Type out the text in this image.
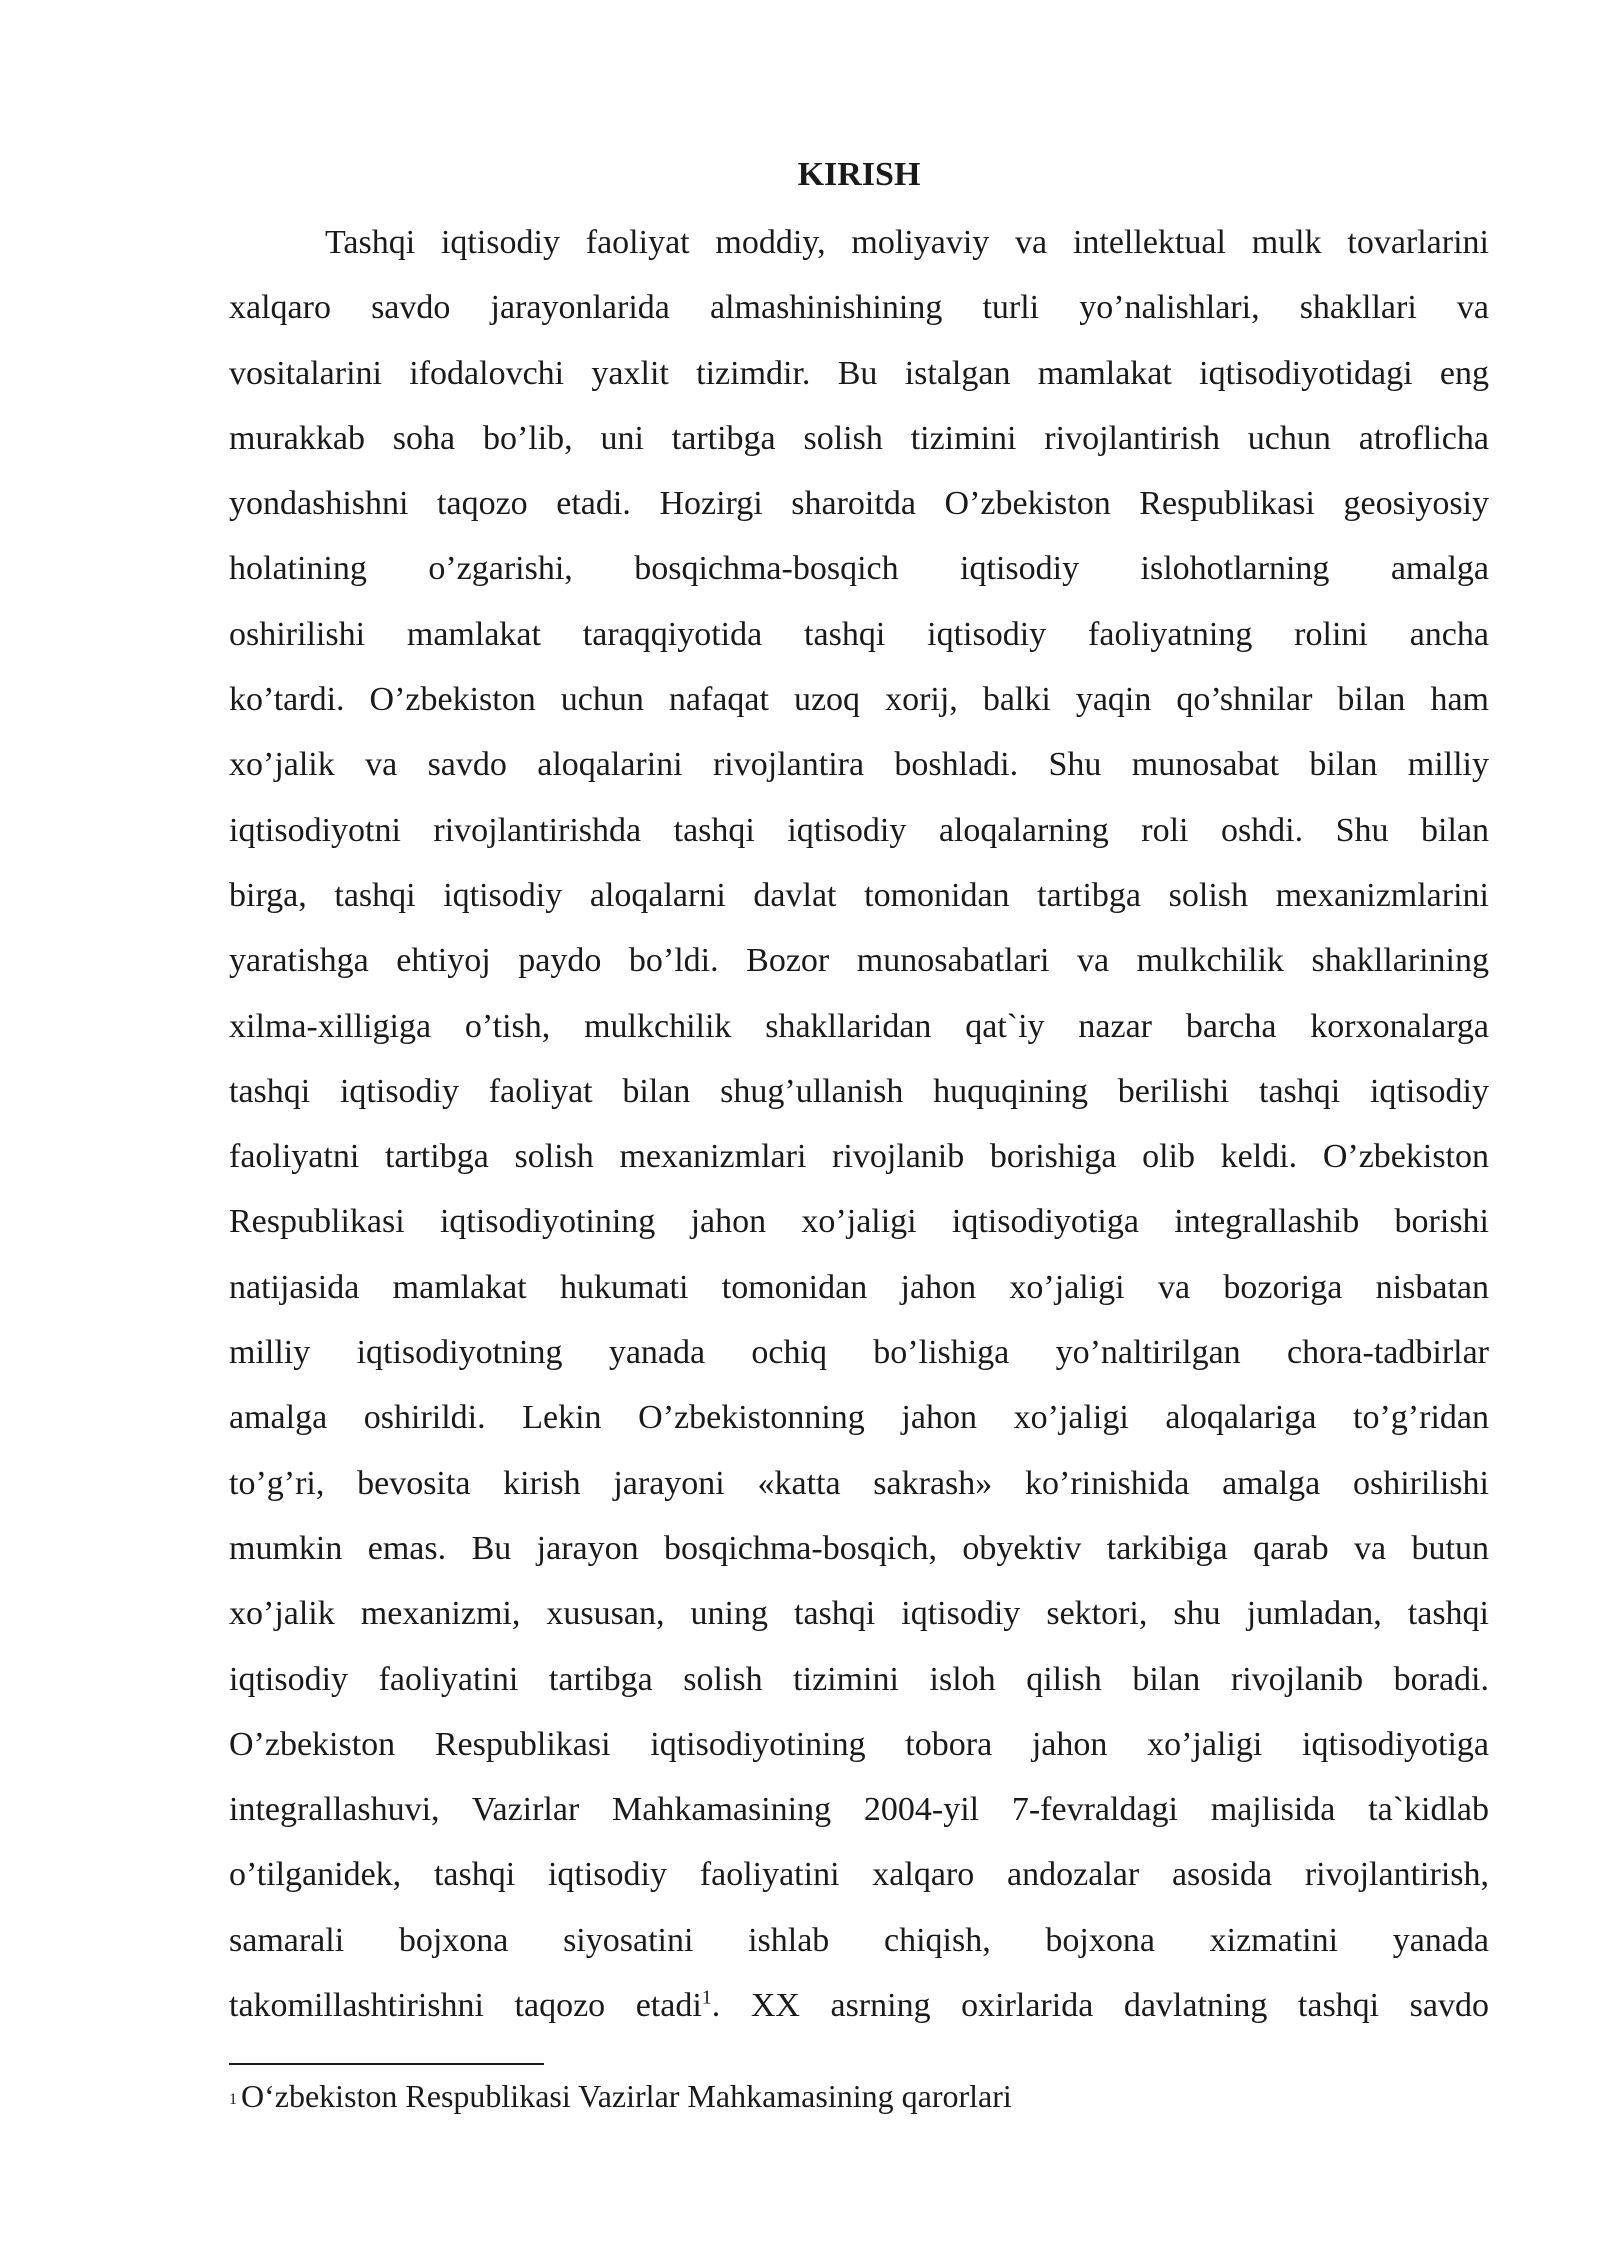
KIRISH
Tashqi iqtisodiy faoliyat moddiy, moliyaviy va intellektual mulk tovarlarini
xalqaro savdo jarayonlarida almashinishining turli yo’nalishlari, shakllari va
vositalarini ifodalovchi yaxlit tizimdir. Bu istalgan mamlakat iqtisodiyotidagi eng
murakkab soha bo’lib, uni tartibga solish tizimini rivojlantirish uchun atroflicha
yondashishni taqozo etadi. Hozirgi sharoitda O’zbekiston Respublikasi geosiyosiy
holatining o’zgarishi, bosqichma-bosqich iqtisodiy islohotlarning amalga
oshirilishi mamlakat taraqqiyotida tashqi iqtisodiy faoliyatning rolini ancha
ko’tardi. O’zbekiston uchun nafaqat uzoq xorij, balki yaqin qo’shnilar bilan ham
xo’jalik va savdo aloqalarini rivojlantira boshladi. Shu munosabat bilan milliy
iqtisodiyotni rivojlantirishda tashqi iqtisodiy aloqalarning roli oshdi. Shu bilan
birga, tashqi iqtisodiy aloqalarni davlat tomonidan tartibga solish mexanizmlarini
yaratishga ehtiyoj paydo bo’ldi. Bozor munosabatlari va mulkchilik shakllarining
xilma-xilligiga o’tish, mulkchilik shakllaridan qat`iy nazar barcha korxonalarga
tashqi iqtisodiy faoliyat bilan shug’ullanish huquqining berilishi tashqi iqtisodiy
faoliyatni tartibga solish mexanizmlari rivojlanib borishiga olib keldi. O’zbekiston
Respublikasi iqtisodiyotining jahon xo’jaligi iqtisodiyotiga integrallashib borishi
natijasida mamlakat hukumati tomonidan jahon xo’jaligi va bozoriga nisbatan
milliy iqtisodiyotning yanada ochiq bo’lishiga yo’naltirilgan chora-tadbirlar
amalga oshirildi. Lekin O’zbekistonning jahon xo’jaligi aloqalariga to’g’ridan
to’g’ri, bevosita kirish jarayoni «katta sakrash» ko’rinishida amalga oshirilishi
mumkin emas. Bu jarayon bosqichma-bosqich, obyektiv tarkibiga qarab va butun
xo’jalik mexanizmi, xususan, uning tashqi iqtisodiy sektori, shu jumladan, tashqi
iqtisodiy faoliyatini tartibga solish tizimini isloh qilish bilan rivojlanib boradi.
O’zbekiston Respublikasi iqtisodiyotining tobora jahon xo’jaligi iqtisodiyotiga
integrallashuvi, Vazirlar Mahkamasining 2004-yil 7-fevraldagi majlisida ta`kidlab
o’tilganidek, tashqi iqtisodiy faoliyatini xalqaro andozalar asosida rivojlantirish,
samarali bojxona siyosatini ishlab chiqish, bojxona xizmatini yanada
takomillashtirishni taqozo etadi$^1$. XX asrning oxirlarida davlatning tashqi savdo
1 O‘zbekiston Respublikasi Vazirlar Mahkamasining qarorlari
